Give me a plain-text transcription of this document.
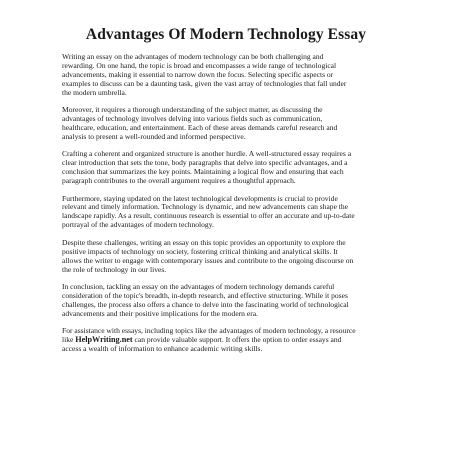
Advantages Of Modern Technology Essay

Writing an essay on the advantages of modern technology can be both challenging and
rewarding. On one hand, the topic is broad and encompasses a wide range of technological
advancements, making it essential to narrow down the focus. Selecting specific aspects or
examples to discuss can be a daunting task, given the vast array of technologies that fall under
the modern umbrella.

Moreover, it requires a thorough understanding of the subject matter, as discussing the
advantages of technology involves delving into various fields such as communication,
healthcare, education, and entertainment. Each of these areas demands careful research and
analysis to present a well-rounded and informed perspective.

Crafting a coherent and organized structure is another hurdle. A well-structured essay requires a
clear introduction that sets the tone, body paragraphs that delve into specific advantages, and a
conclusion that summarizes the key points. Maintaining a logical flow and ensuring that each
paragraph contributes to the overall argument requires a thoughtful approach.

Furthermore, staying updated on the latest technological developments is crucial to provide
relevant and timely information. Technology is dynamic, and new advancements can shape the
landscape rapidly. As a result, continuous research is essential to offer an accurate and up-to-date
portrayal of the advantages of modern technology.

Despite these challenges, writing an essay on this topic provides an opportunity to explore the
positive impacts of technology on society, fostering critical thinking and analytical skills. It
allows the writer to engage with contemporary issues and contribute to the ongoing discourse on
the role of technology in our lives.

In conclusion, tackling an essay on the advantages of modern technology demands careful
consideration of the topic's breadth, in-depth research, and effective structuring. While it poses
challenges, the process also offers a chance to delve into the fascinating world of technological
advancements and their positive implications for the modern era.

For assistance with essays, including topics like the advantages of modern technology, a resource
like HelpWriting.net can provide valuable support. It offers the option to order essays and
access a wealth of information to enhance academic writing skills.
